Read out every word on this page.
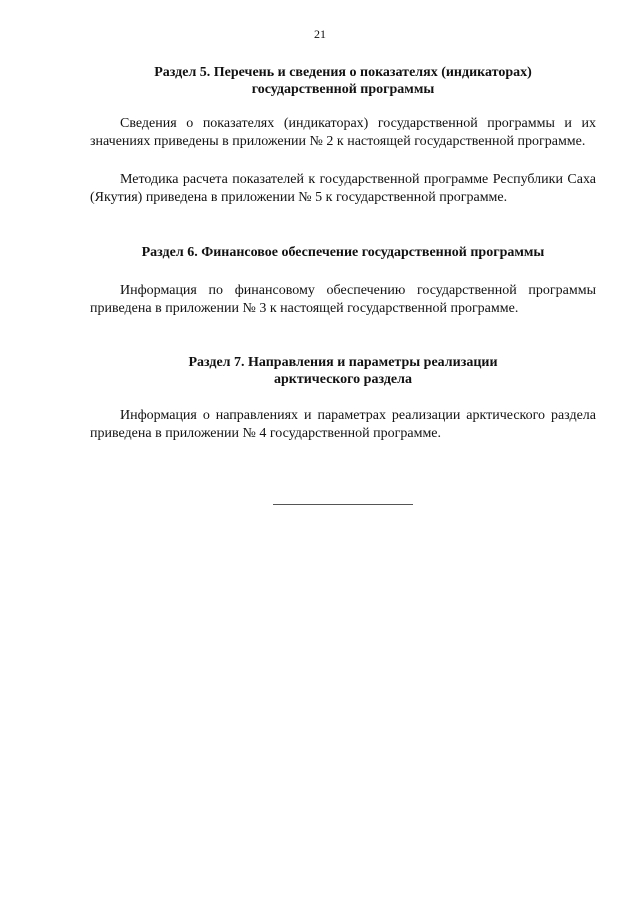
21
Раздел 5. Перечень и сведения о показателях (индикаторах)
государственной программы

Сведения о показателях (индикаторах) государственной программы и их значениях приведены в приложении № 2 к настоящей государственной программе.

Методика расчета показателей к государственной программе Республики Саха (Якутия) приведена в приложении № 5 к государственной программе.

Раздел 6. Финансовое обеспечение государственной программы

Информация по финансовому обеспечению государственной программы приведена в приложении № 3 к настоящей государственной программе.

Раздел 7. Направления и параметры реализации
арктического раздела

Информация о направлениях и параметрах реализации арктического раздела приведена в приложении № 4 государственной программе.
